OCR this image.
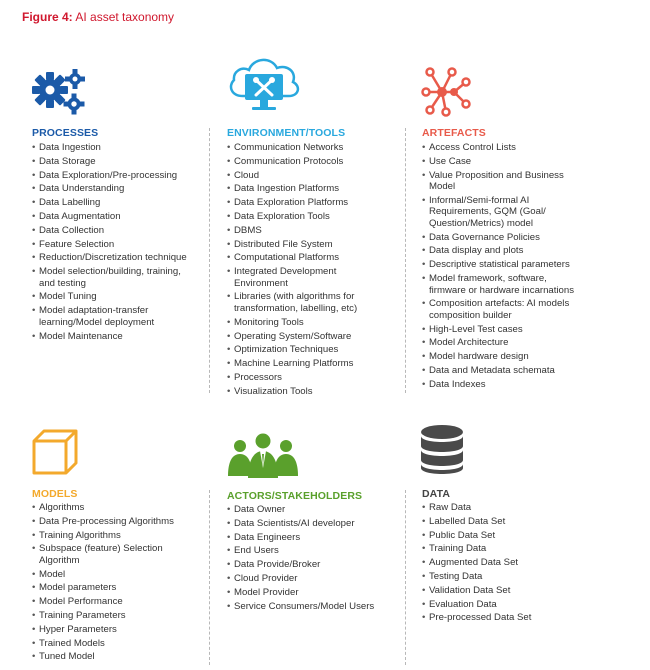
Figure 4: AI asset taxonomy
PROCESSES
• Data Ingestion
• Data Storage
• Data Exploration/Pre-processing
• Data Understanding
• Data Labelling
• Data Augmentation
• Data Collection
• Feature Selection
• Reduction/Discretization technique
• Model selection/building, training,
and testing
• Model Tuning
• Model adaptation-transfer
learning/Model deployment
• Model Maintenance
ENVIRONMENT/TOOLS
• Communication Networks
• Communication Protocols
• Cloud
• Data Ingestion Platforms
• Data Exploration Platforms
• Data Exploration Tools
• DBMS
• Distributed File System
• Computational Platforms
• Integrated Development
Environment
• Libraries (with algorithms for
transformation, labelling, etc)
• Monitoring Tools
• Operating System/Software
• Optimization Techniques
• Machine Learning Platforms
• Processors
• Visualization Tools
ARTEFACTS
• Access Control Lists
• Use Case
• Value Proposition and Business
Model
• Informal/Semi-formal AI
Requirements, GQM (Goal/
Question/Metrics) model
• Data Governance Policies
• Data display and plots
• Descriptive statistical parameters
• Model framework, software,
firmware or hardware incarnations
• Composition artefacts: AI models
composition builder
• High-Level Test cases
• Model Architecture
• Model hardware design
• Data and Metadata schemata
• Data Indexes
MODELS
• Algorithms
• Data Pre-processing Algorithms
• Training Algorithms
• Subspace (feature) Selection
Algorithm
• Model
• Model parameters
• Model Performance
• Training Parameters
• Hyper Parameters
• Trained Models
• Tuned Model
ACTORS/STAKEHOLDERS
• Data Owner
• Data Scientists/AI developer
• Data Engineers
• End Users
• Data Provide/Broker
• Cloud Provider
• Model Provider
• Service Consumers/Model Users
DATA
• Raw Data
• Labelled Data Set
• Public Data Set
• Training Data
• Augmented Data Set
• Testing Data
• Validation Data Set
• Evaluation Data
• Pre-processed Data Set
